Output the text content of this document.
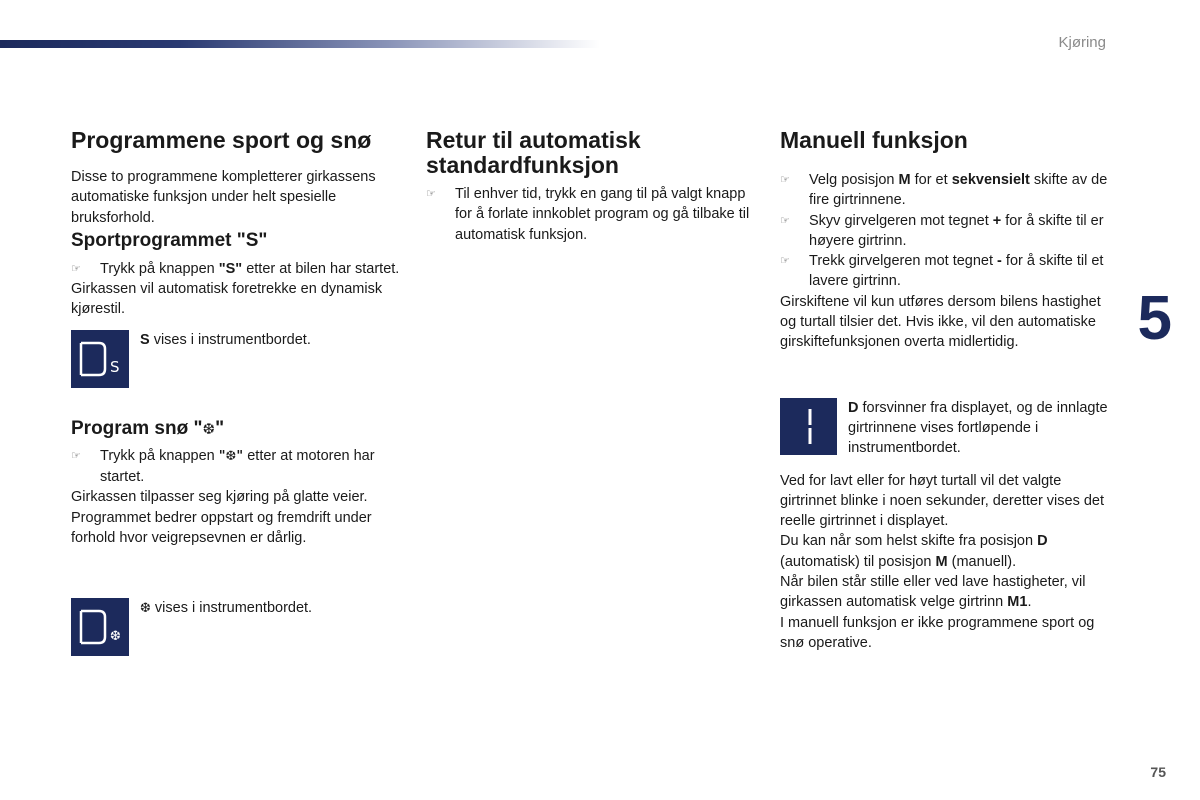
Kjøring
5
75
Programmene sport og snø

Disse to programmene kompletterer girkassens automatiske funksjon under helt spesielle bruksforhold.

Sportprogrammet "S"
☞ Trykk på knappen "S" etter at bilen har startet.

Girkassen vil automatisk foretrekke en dynamisk kjørestil.

S
S vises i instrumentbordet.
Program snø "❆"
☞ Trykk på knappen "❆" etter at motoren har startet.

Girkassen tilpasser seg kjøring på glatte veier. Programmet bedrer oppstart og fremdrift under forhold hvor veigrepsevnen er dårlig.

❆
❆ vises i instrumentbordet.
Retur til automatisk standardfunksjon
☞ Til enhver tid, trykk en gang til på valgt knapp for å forlate innkoblet program og gå tilbake til automatisk funksjon.
Manuell funksjon
☞ Velg posisjon M for et sekvensielt skifte av de fire girtrinnene.
☞ Skyv girvelgeren mot tegnet + for å skifte til er høyere girtrinn.
☞ Trekk girvelgeren mot tegnet - for å skifte til et lavere girtrinn.

Girskiftene vil kun utføres dersom bilens hastighet og turtall tilsier det. Hvis ikke, vil den automatiske girskiftefunksjonen overta midlertidig.

D forsvinner fra displayet, og de innlagte girtrinnene vises fortløpende i instrumentbordet.

Ved for lavt eller for høyt turtall vil det valgte girtrinnet blinke i noen sekunder, deretter vises det reelle girtrinnet i displayet.

Du kan når som helst skifte fra posisjon D (automatisk) til posisjon M (manuell).

Når bilen står stille eller ved lave hastigheter, vil girkassen automatisk velge girtrinn M1.

I manuell funksjon er ikke programmene sport og snø operative.
